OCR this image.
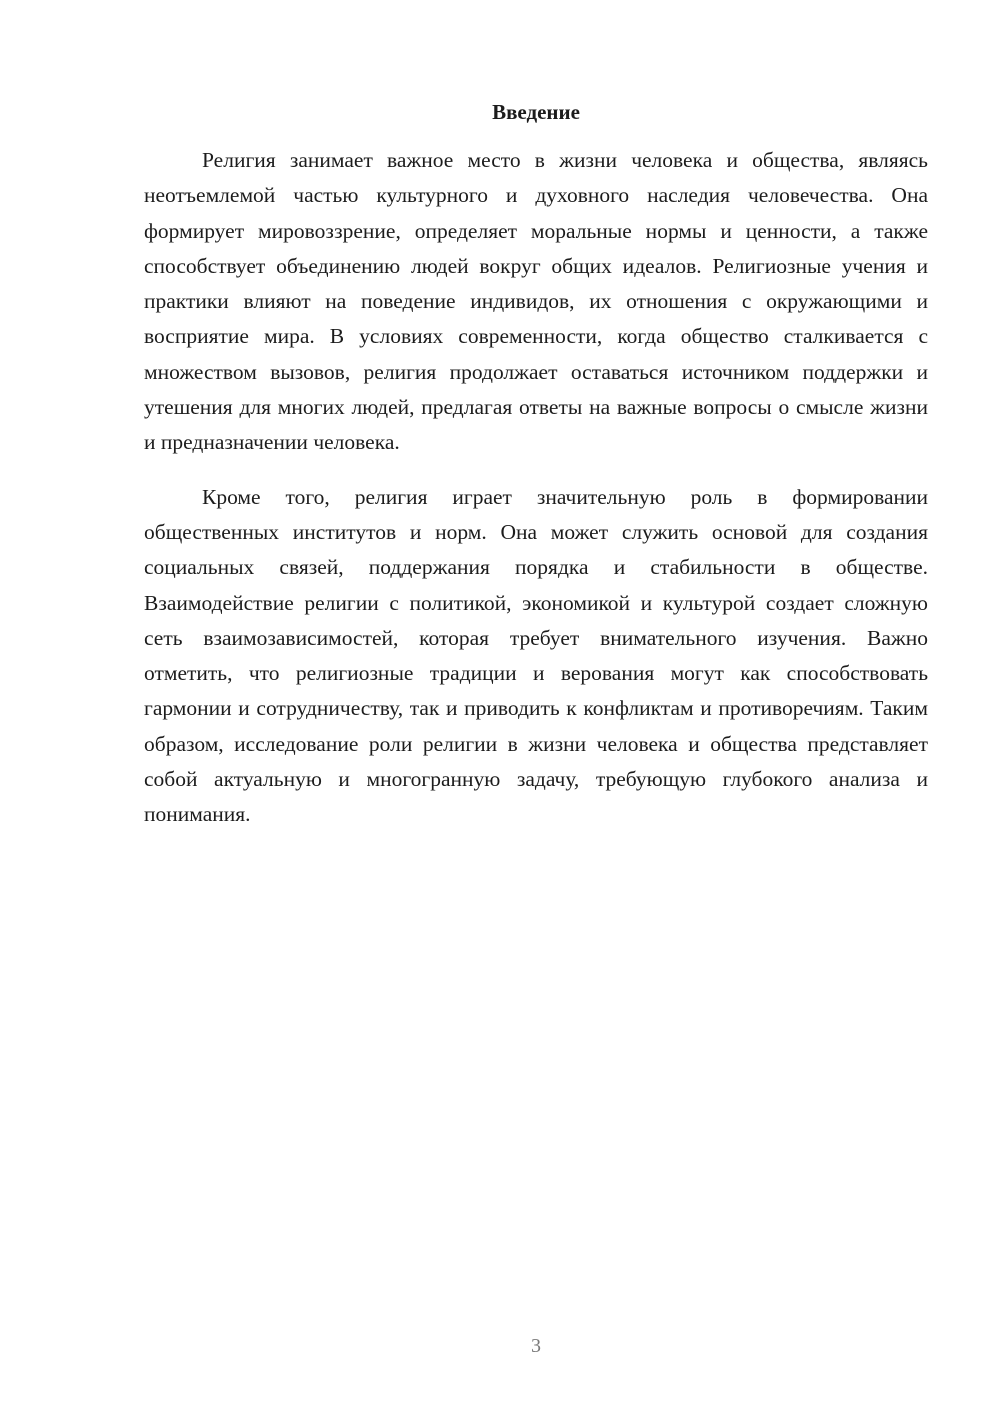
Введение

Религия занимает важное место в жизни человека и общества, являясь неотъемлемой частью культурного и духовного наследия человечества. Она формирует мировоззрение, определяет моральные нормы и ценности, а также способствует объединению людей вокруг общих идеалов. Религиозные учения и практики влияют на поведение индивидов, их отношения с окружающими и восприятие мира. В условиях современности, когда общество сталкивается с множеством вызовов, религия продолжает оставаться источником поддержки и утешения для многих людей, предлагая ответы на важные вопросы о смысле жизни и предназначении человека.

Кроме того, религия играет значительную роль в формировании общественных институтов и норм. Она может служить основой для создания социальных связей, поддержания порядка и стабильности в обществе. Взаимодействие религии с политикой, экономикой и культурой создает сложную сеть взаимозависимостей, которая требует внимательного изучения. Важно отметить, что религиозные традиции и верования могут как способствовать гармонии и сотрудничеству, так и приводить к конфликтам и противоречиям. Таким образом, исследование роли религии в жизни человека и общества представляет собой актуальную и многогранную задачу, требующую глубокого анализа и понимания.

3
